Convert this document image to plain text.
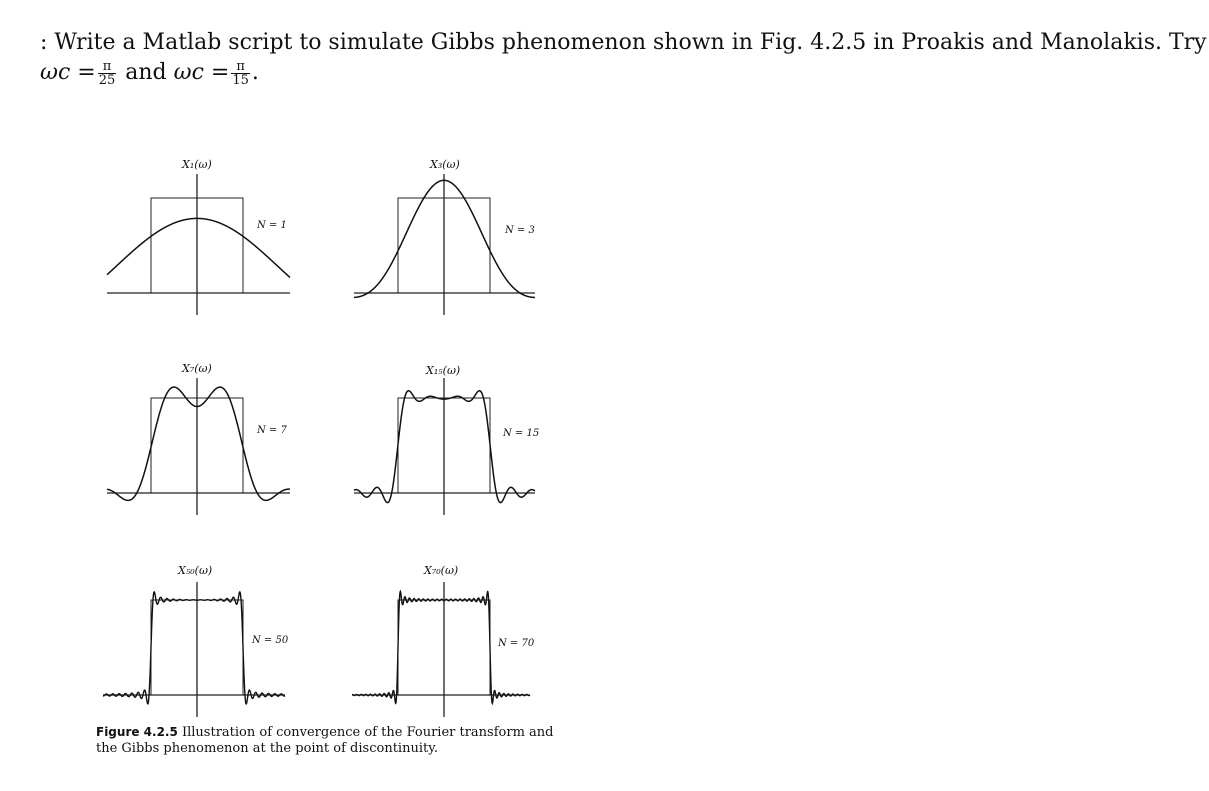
: Write a Matlab script to simulate Gibbs phenomenon shown in Fig. 4.2.5 in Proakis and Manolakis. Try
$\omega c = \frac{\pi}{25}$ and $\omega c = \frac{\pi}{15}$ .
X₁(ω)
N = 1
X₃(ω)
N = 3
X₇(ω)
N = 7
X₁₅(ω)
N = 15
X₅₀(ω)
N = 50
X₇₀(ω)
N = 70
Figure 4.2.5 Illustration of convergence of the Fourier transform and the Gibbs phenomenon at the point of discontinuity.
